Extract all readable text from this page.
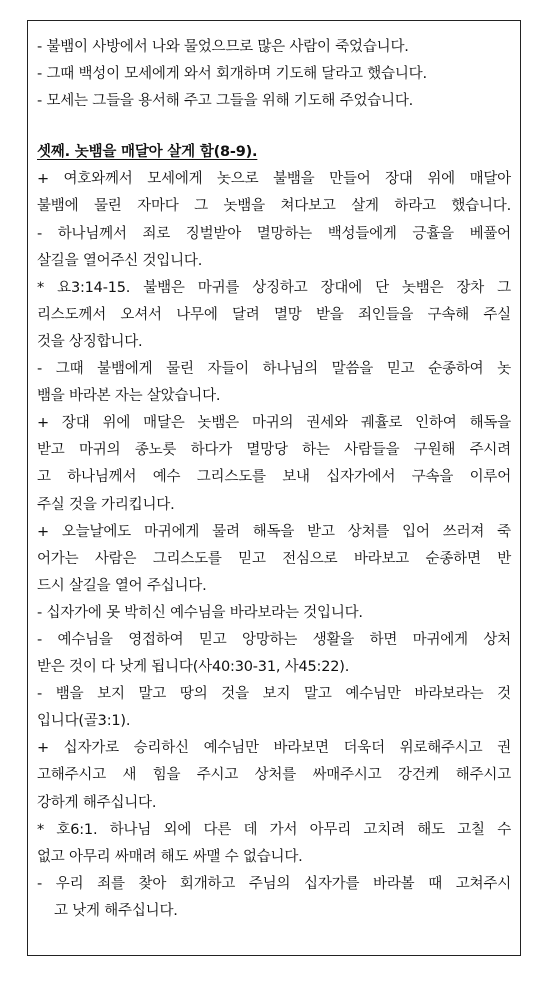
- 불뱀이 사방에서 나와 물었으므로 많은 사람이 죽었습니다.
- 그때 백성이 모세에게 와서 회개하며 기도해 달라고 했습니다.
- 모세는 그들을 용서해 주고 그들을 위해 기도해 주었습니다.
셋째. 놋뱀을 매달아 살게 함(8-9).
+ 여호와께서 모세에게 놋으로 불뱀을 만들어 장대 위에 매달아
불뱀에 물린 자마다 그 놋뱀을 쳐다보고 살게 하라고 했습니다.
- 하나님께서 죄로 징벌받아 멸망하는 백성들에게 긍휼을 베풀어
살길을 열어주신 것입니다.
* 요3:14-15. 불뱀은 마귀를 상징하고 장대에 단 놋뱀은 장차 그
리스도께서 오셔서 나무에 달려 멸망 받을 죄인들을 구속해 주실
것을 상징합니다.
- 그때 불뱀에게 물린 자들이 하나님의 말씀을 믿고 순종하여 놋
뱀을 바라본 자는 살았습니다.
+ 장대 위에 매달은 놋뱀은 마귀의 권세와 궤휼로 인하여 해독을
받고 마귀의 종노릇 하다가 멸망당 하는 사람들을 구원해 주시려
고 하나님께서 예수 그리스도를 보내 십자가에서 구속을 이루어
주실 것을 가리킵니다.
+ 오늘날에도 마귀에게 물려 해독을 받고 상처를 입어 쓰러져 죽
어가는 사람은 그리스도를 믿고 전심으로 바라보고 순종하면 반
드시 살길을 열어 주십니다.
- 십자가에 못 박히신 예수님을 바라보라는 것입니다.
- 예수님을 영접하여 믿고 앙망하는 생활을 하면 마귀에게 상처
받은 것이 다 낫게 됩니다(사40:30-31, 사45:22).
- 뱀을 보지 말고 땅의 것을 보지 말고 예수님만 바라보라는 것
입니다(골3:1).
+ 십자가로 승리하신 예수님만 바라보면 더욱더 위로해주시고 권
고해주시고 새 힘을 주시고 상처를 싸매주시고 강건케 해주시고
강하게 해주십니다.
* 호6:1. 하나님 외에 다른 데 가서 아무리 고치려 해도 고칠 수
없고 아무리 싸매려 해도 싸맬 수 없습니다.
- 우리 죄를 찾아 회개하고 주님의 십자가를 바라볼 때 고쳐주시
고 낫게 해주십니다.
